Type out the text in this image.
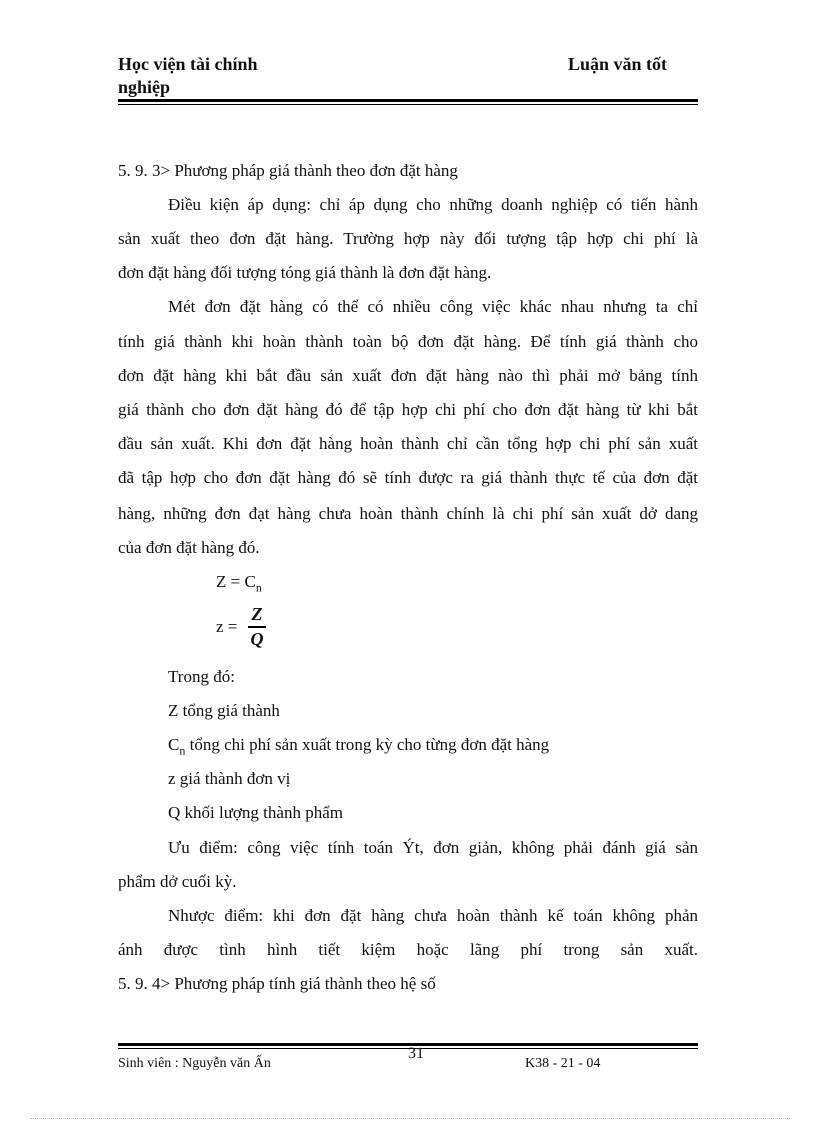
Học viện tài chính	Luận văn tốt
nghiệp
5. 9. 3> Phương pháp giá thành theo đơn đặt hàng
Điều kiện áp dụng: chỉ áp dụng cho những doanh nghiệp có tiến hành
sản xuất theo đơn đặt hàng. Trường hợp này đối tượng tập hợp chi phí là
đơn đặt hàng đối tượng tóng giá thành là đơn đặt hàng.
Mét đơn đặt hàng có thể có nhiều công việc khác nhau nhưng ta chỉ
tính giá thành khi hoàn thành toàn bộ đơn đặt hàng. Để tính giá thành cho
đơn đặt hàng khi bắt đầu sản xuất đơn đặt hàng nào thì phải mở bảng tính
giá thành cho đơn đặt hàng đó để tập hợp chi phí cho đơn đặt hàng từ khi bắt
đầu sản xuất. Khi đơn đặt hàng hoàn thành chỉ cần tổng hợp chi phí sản xuất
đã tập hợp cho đơn đặt hàng đó sẽ tính được ra giá thành thực tế của đơn đặt
hàng, những đơn đạt hàng chưa hoàn thành chính là chi phí sản xuất dở dang
của đơn đặt hàng đó.
$Z = C_n$
z =
Z
Q
Trong đó:
Z tổng giá thành
$C_n$ tổng chi phí sản xuất trong kỳ cho từng đơn đặt hàng
z giá thành đơn vị
Q khối lượng thành phẩm
Ưu điểm: công việc tính toán Ýt, đơn giản, không phải đánh giá sản
phẩm dở cuối kỳ.
Nhược điểm: khi đơn đặt hàng chưa hoàn thành kế toán không phản
ánh được tình hình tiết kiệm hoặc lãng phí trong sản xuất.
5. 9. 4> Phương pháp tính giá thành theo hệ số
Sinh viên : Nguyễn văn Ấn
31
K38 - 21 - 04
